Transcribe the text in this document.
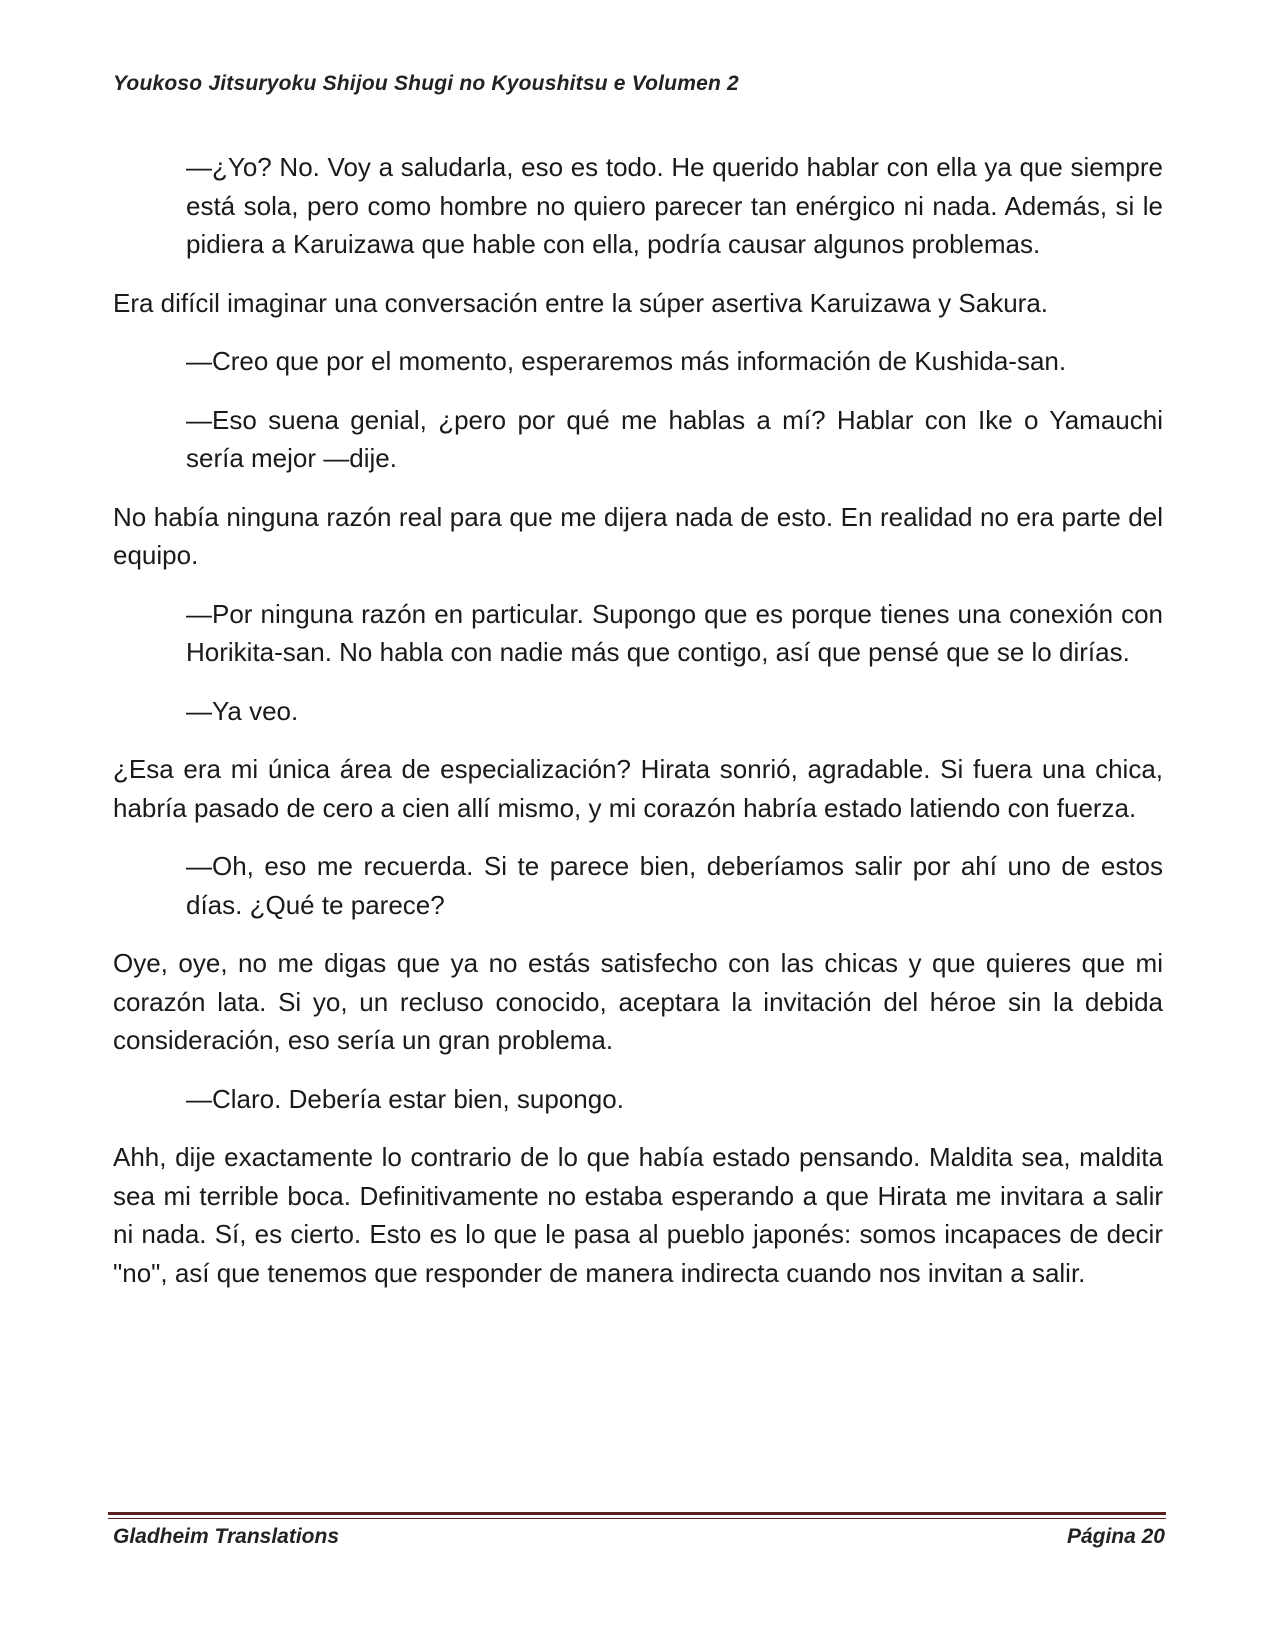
Youkoso Jitsuryoku Shijou Shugi no Kyoushitsu e Volumen 2

—¿Yo? No. Voy a saludarla, eso es todo. He querido hablar con ella ya que siempre está sola, pero como hombre no quiero parecer tan enérgico ni nada. Además, si le pidiera a Karuizawa que hable con ella, podría causar algunos problemas.

Era difícil imaginar una conversación entre la súper asertiva Karuizawa y Sakura.

—Creo que por el momento, esperaremos más información de Kushida-san.

—Eso suena genial, ¿pero por qué me hablas a mí? Hablar con Ike o Yamauchi sería mejor —dije.

No había ninguna razón real para que me dijera nada de esto. En realidad no era parte del equipo.

—Por ninguna razón en particular. Supongo que es porque tienes una conexión con Horikita-san. No habla con nadie más que contigo, así que pensé que se lo dirías.

—Ya veo.

¿Esa era mi única área de especialización? Hirata sonrió, agradable. Si fuera una chica, habría pasado de cero a cien allí mismo, y mi corazón habría estado latiendo con fuerza.

—Oh, eso me recuerda. Si te parece bien, deberíamos salir por ahí uno de estos días. ¿Qué te parece?

Oye, oye, no me digas que ya no estás satisfecho con las chicas y que quieres que mi corazón lata. Si yo, un recluso conocido, aceptara la invitación del héroe sin la debida consideración, eso sería un gran problema.

—Claro. Debería estar bien, supongo.

Ahh, dije exactamente lo contrario de lo que había estado pensando. Maldita sea, maldita sea mi terrible boca. Definitivamente no estaba esperando a que Hirata me invitara a salir ni nada. Sí, es cierto. Esto es lo que le pasa al pueblo japonés: somos incapaces de decir "no", así que tenemos que responder de manera indirecta cuando nos invitan a salir.

Gladheim Translations	Página 20
